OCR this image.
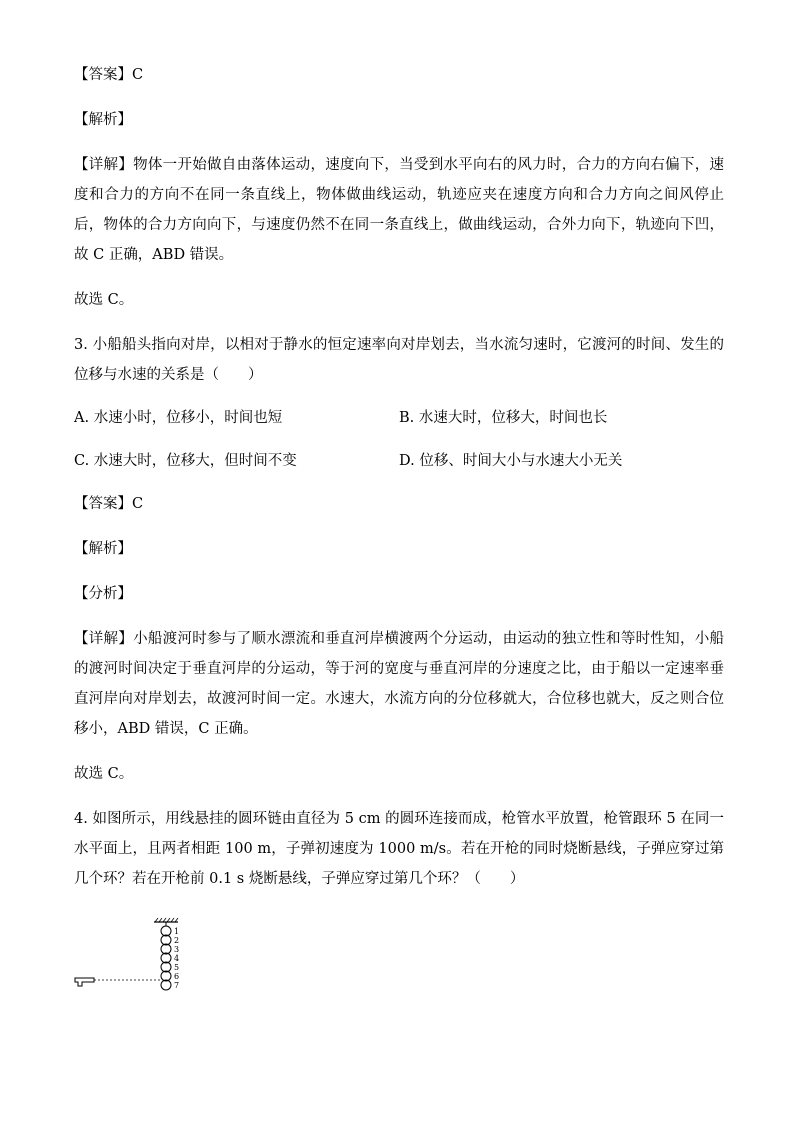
【答案】C

【解析】

【详解】物体一开始做自由落体运动，速度向下，当受到水平向右的风力时，合力的方向右偏下，速度和合力的方向不在同一条直线上，物体做曲线运动，轨迹应夹在速度方向和合力方向之间风停止后，物体的合力方向向下，与速度仍然不在同一条直线上，做曲线运动，合外力向下，轨迹向下凹，故 C 正确，ABD 错误。

故选 C。

3. 小船船头指向对岸，以相对于静水的恒定速率向对岸划去，当水流匀速时，它渡河的时间、发生的位移与水速的关系是（　　）

A. 水速小时，位移小，时间也短	B. 水速大时，位移大，时间也长
C. 水速大时，位移大，但时间不变	D. 位移、时间大小与水速大小无关

【答案】C

【解析】

【分析】

【详解】小船渡河时参与了顺水漂流和垂直河岸横渡两个分运动，由运动的独立性和等时性知，小船的渡河时间决定于垂直河岸的分运动，等于河的宽度与垂直河岸的分速度之比，由于船以一定速率垂直河岸向对岸划去，故渡河时间一定。水速大，水流方向的分位移就大，合位移也就大，反之则合位移小，ABD 错误，C 正确。

故选 C。

4. 如图所示，用线悬挂的圆环链由直径为 5 cm 的圆环连接而成，枪管水平放置，枪管跟环 5 在同一水平面上，且两者相距 100 m，子弹初速度为 1000 m/s。若在开枪的同时烧断悬线，子弹应穿过第几个环？若在开枪前 0.1 s 烧断悬线，子弹应穿过第几个环？（　　）

1
2
3
4
5
6
7
